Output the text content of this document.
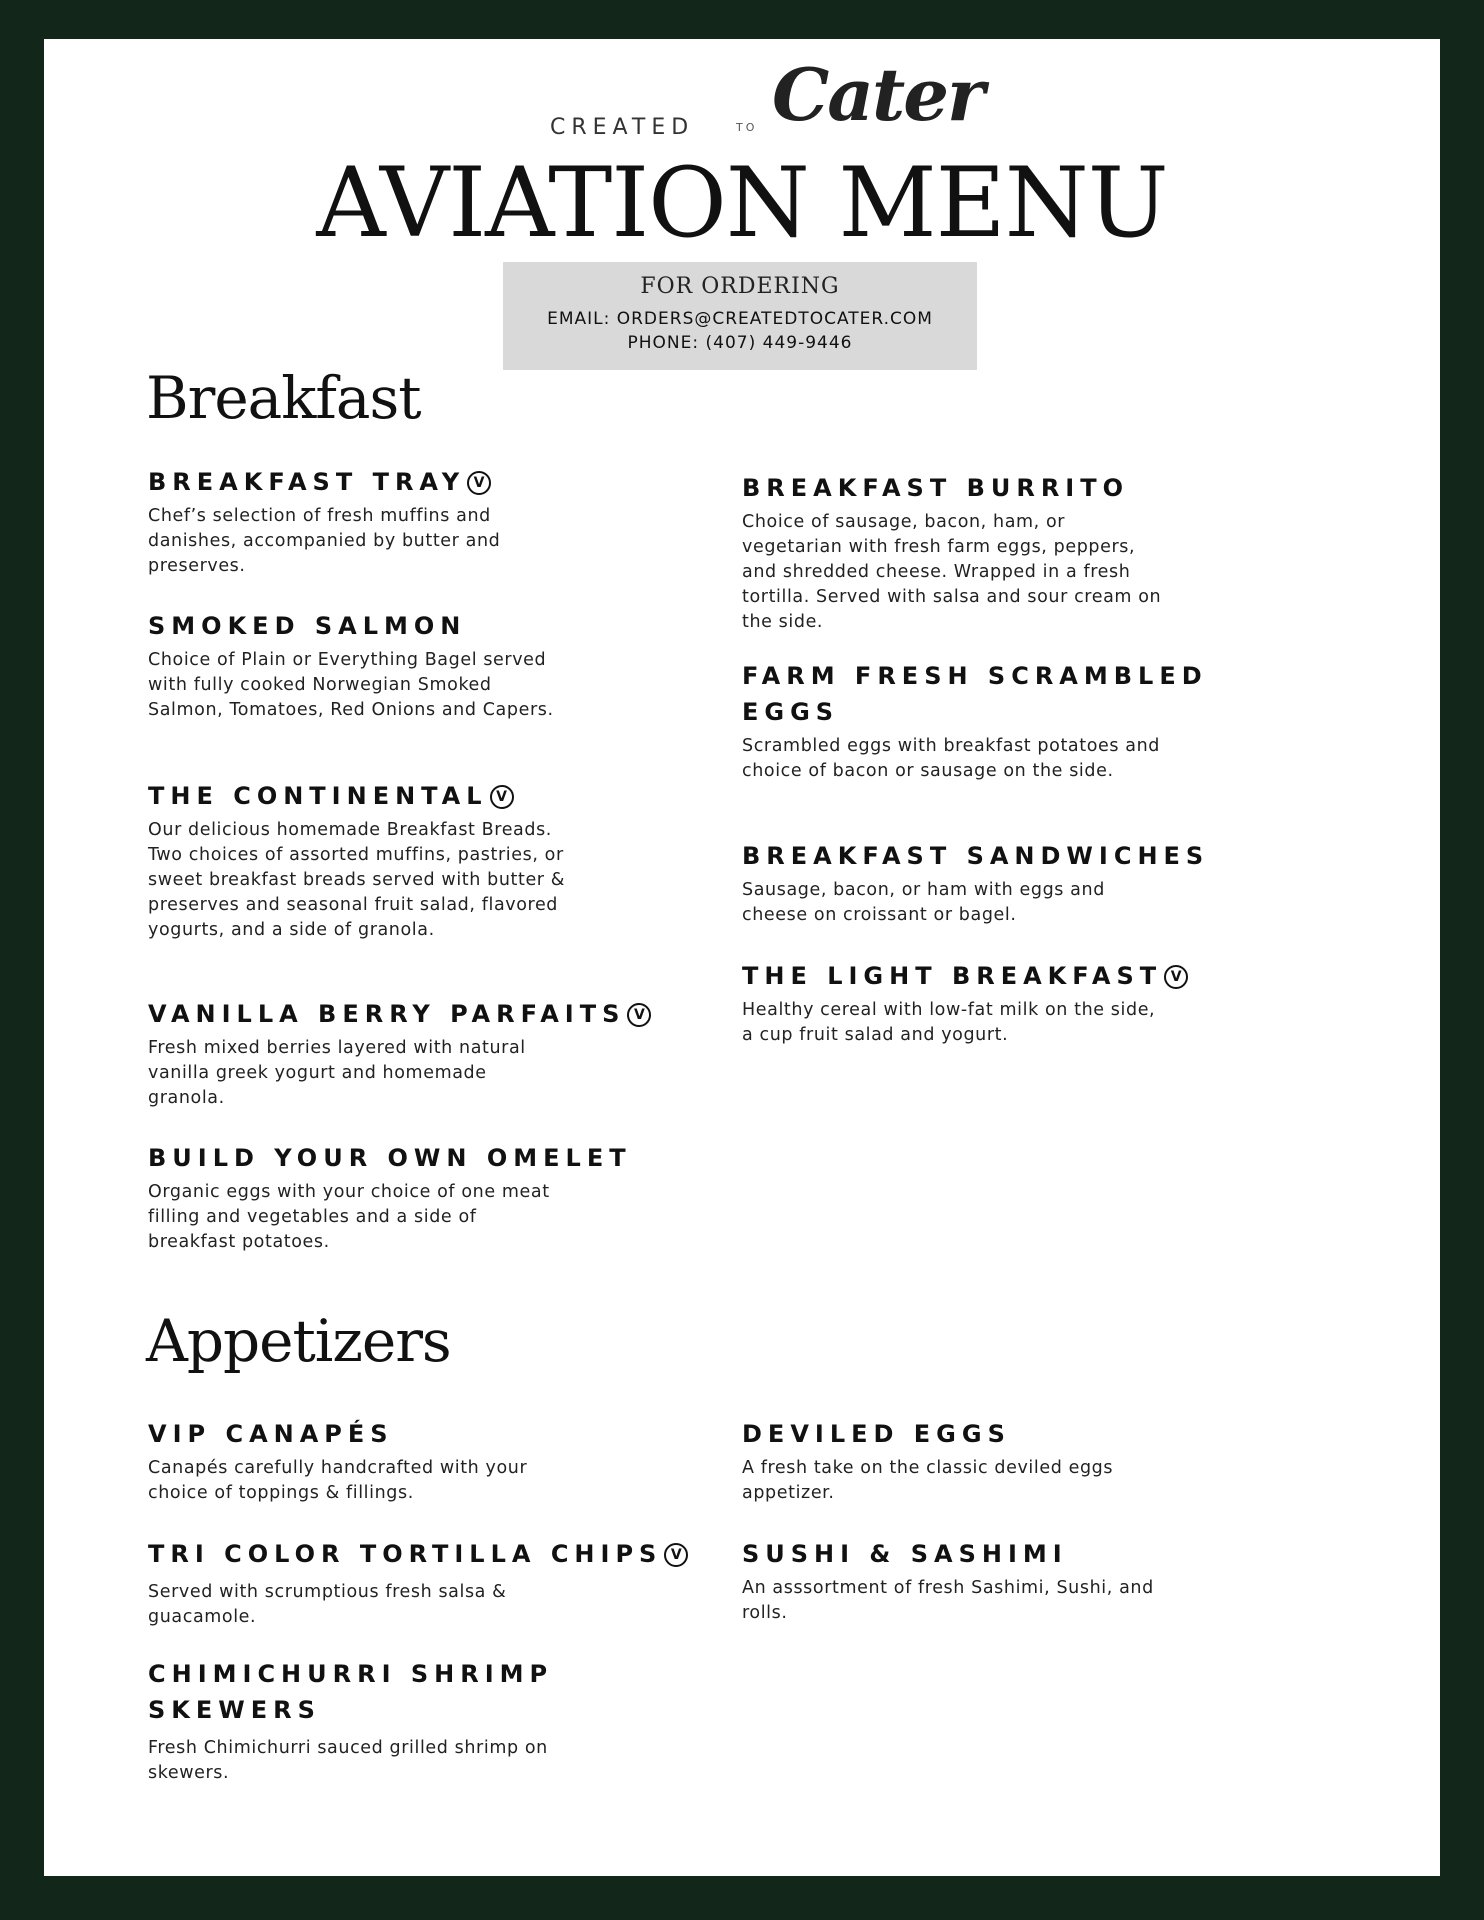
CREATED	TO Cater
AVIATION MENU
FOR ORDERING
EMAIL: ORDERS@CREATEDTOCATER.COM
PHONE: (407) 449-9446
Breakfast

BREAKFAST TRAY V

Chef’s selection of fresh muffins and danishes, accompanied by butter and preserves.

SMOKED SALMON

Choice of Plain or Everything Bagel served with fully cooked Norwegian Smoked Salmon, Tomatoes, Red Onions and Capers.

THE CONTINENTAL V

Our delicious homemade Breakfast Breads. Two choices of assorted muffins, pastries, or sweet breakfast breads served with butter & preserves and seasonal fruit salad, flavored yogurts, and a side of granola.

VANILLA BERRY PARFAITS V

Fresh mixed berries layered with natural vanilla greek yogurt and homemade granola.

BUILD YOUR OWN OMELET

Organic eggs with your choice of one meat filling and vegetables and a side of breakfast potatoes.

BREAKFAST BURRITO

Choice of sausage, bacon, ham, or vegetarian with fresh farm eggs, peppers, and shredded cheese. Wrapped in a fresh tortilla. Served with salsa and sour cream on the side.

FARM FRESH SCRAMBLED EGGS

Scrambled eggs with breakfast potatoes and choice of bacon or sausage on the side.

BREAKFAST SANDWICHES

Sausage, bacon, or ham with eggs and cheese on croissant or bagel.

THE LIGHT BREAKFAST V

Healthy cereal with low-fat milk on the side, a cup fruit salad and yogurt.

Appetizers

VIP CANAPÉS

Canapés carefully handcrafted with your choice of toppings & fillings.

TRI COLOR TORTILLA CHIPS V

Served with scrumptious fresh salsa & guacamole.

CHIMICHURRI SHRIMP SKEWERS

Fresh Chimichurri sauced grilled shrimp on skewers.

DEVILED EGGS

A fresh take on the classic deviled eggs appetizer.

SUSHI & SASHIMI

An asssortment of fresh Sashimi, Sushi, and rolls.
